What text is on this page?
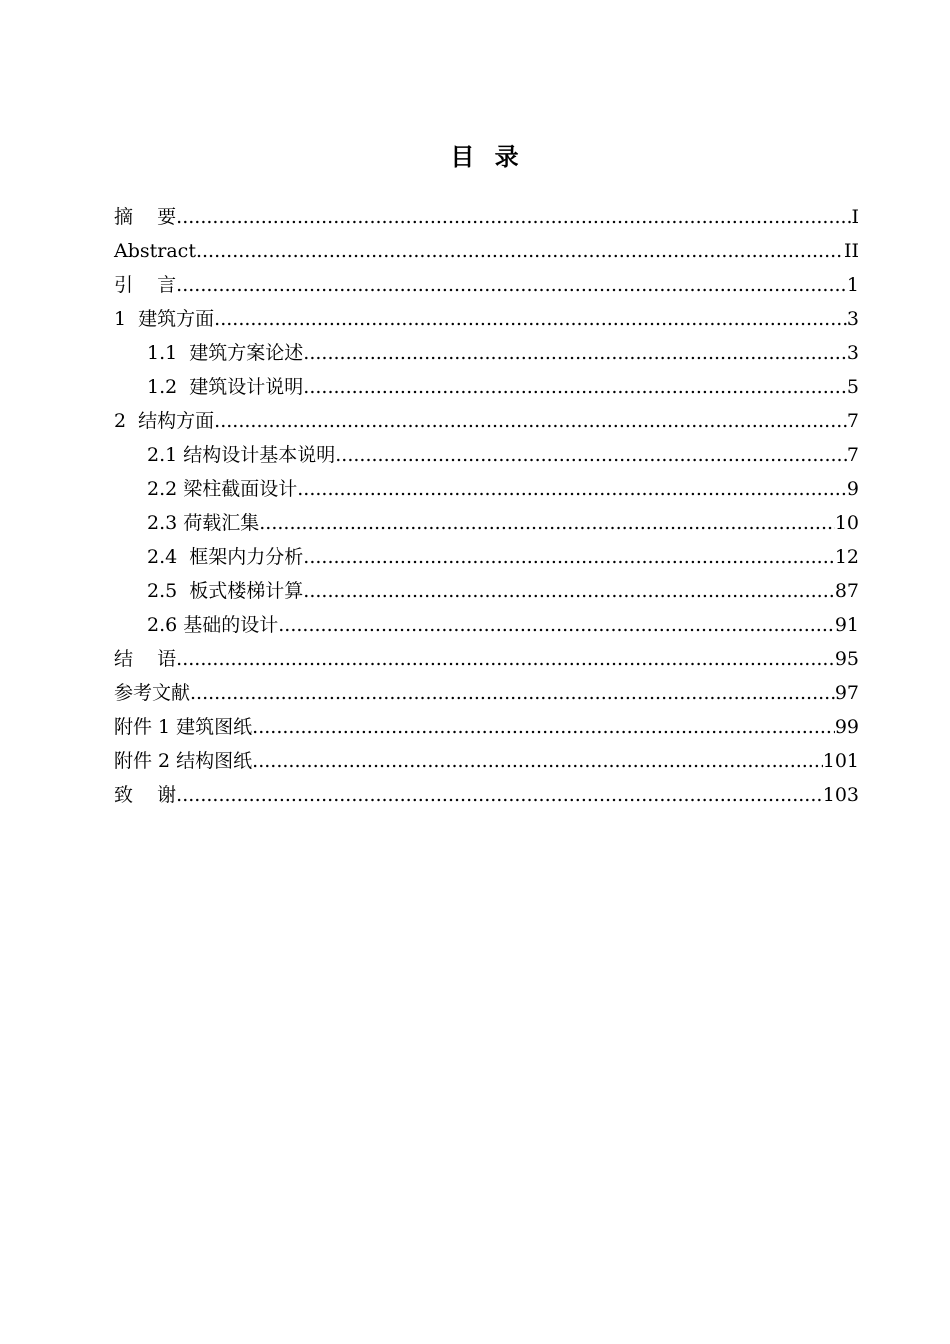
目 录
摘    要 .....	I
Abstract .....	II
引    言 .....	1
1  建筑方面 .....	3
1.1  建筑方案论述 .....	3
1.2  建筑设计说明 .....	5
2  结构方面 .....	7
2.1 结构设计基本说明 .....	7
2.2 梁柱截面设计 .....	9
2.3 荷载汇集 .....	10
2.4  框架内力分析 .....	12
2.5  板式楼梯计算 .....	87
2.6 基础的设计 .....	91
结    语 .....	95
参考文献 .....	97
附件 1 建筑图纸 .....	99
附件 2 结构图纸 .....	101
致    谢 .....	103
